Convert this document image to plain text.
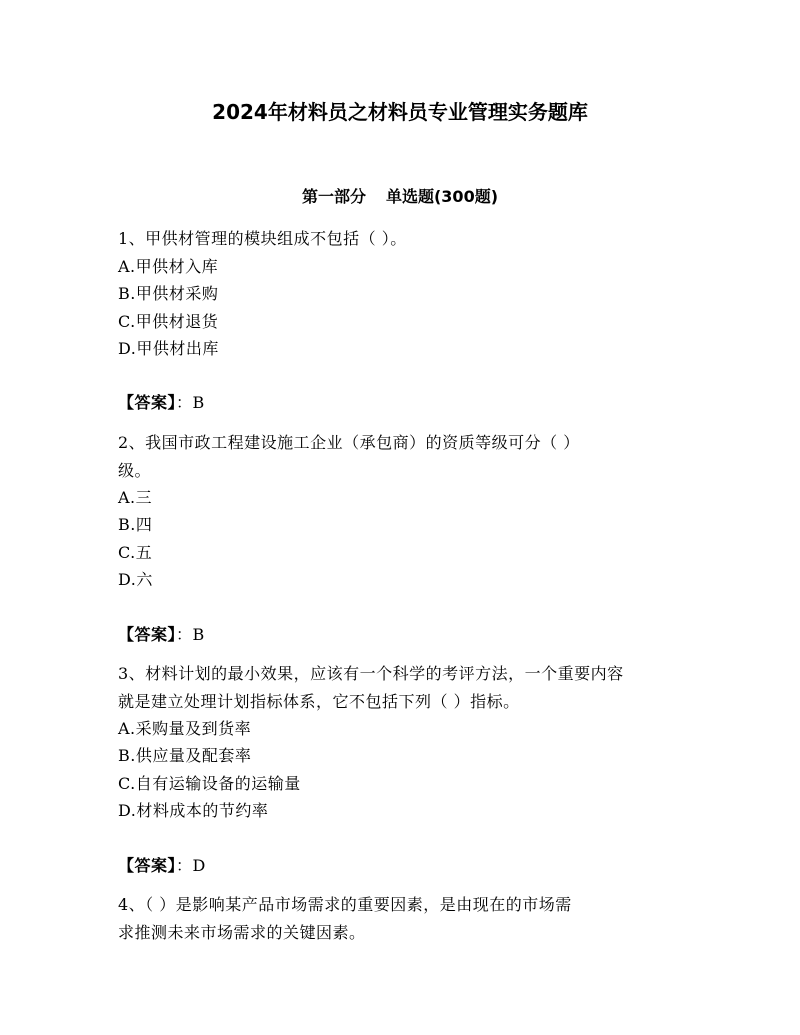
2024年材料员之材料员专业管理实务题库
第一部分 单选题(300题)
1、甲供材管理的模块组成不包括（ ）。
A.甲供材入库
B.甲供材采购
C.甲供材退货
D.甲供材出库
【答案】：B
2、我国市政工程建设施工企业（承包商）的资质等级可分（ ）
级。
A.三
B.四
C.五
D.六
【答案】：B
3、材料计划的最小效果，应该有一个科学的考评方法，一个重要内容
就是建立处理计划指标体系，它不包括下列（ ）指标。
A.采购量及到货率
B.供应量及配套率
C.自有运输设备的运输量
D.材料成本的节约率
【答案】：D
4、（ ）是影响某产品市场需求的重要因素，是由现在的市场需
求推测未来市场需求的关键因素。
